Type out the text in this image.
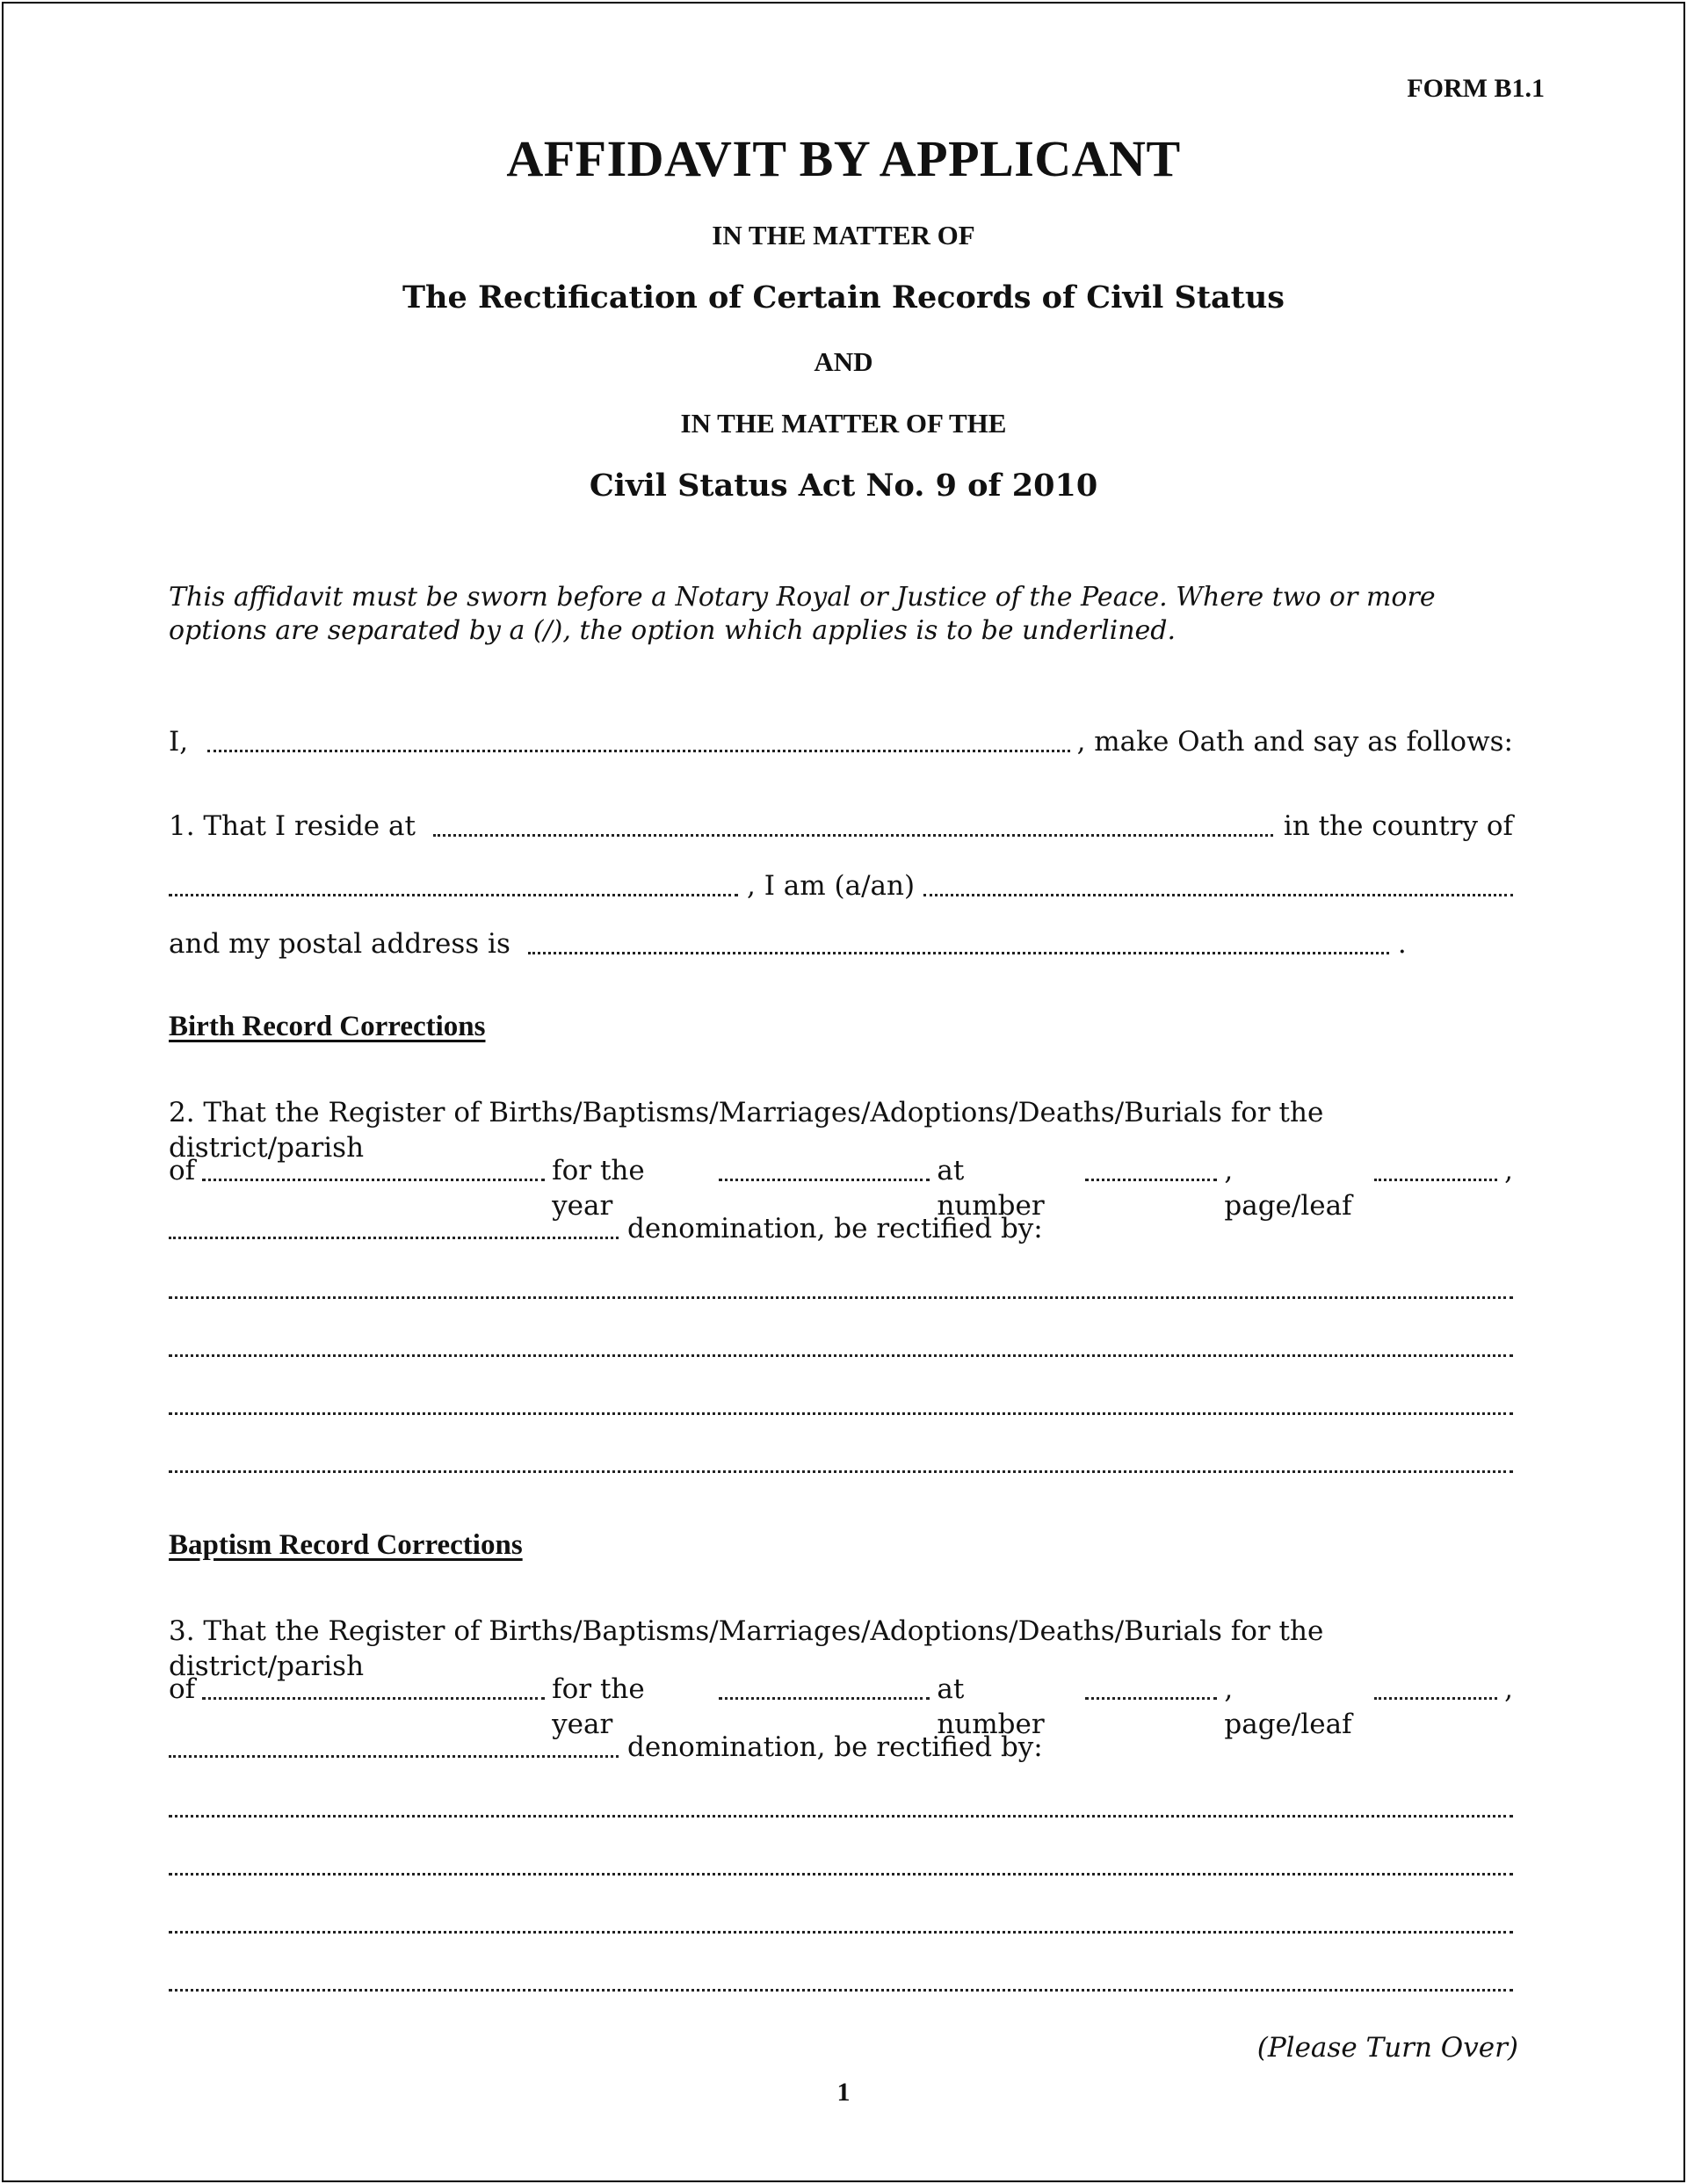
FORM B1.1
AFFIDAVIT BY APPLICANT
IN THE MATTER OF
The Rectification of Certain Records of Civil Status
AND
IN THE MATTER OF THE
Civil Status Act No. 9 of 2010
This affidavit must be sworn before a Notary Royal or Justice of the Peace. Where two or more options are separated by a (/), the option which applies is to be underlined.
I,	, make Oath and say as follows:
1. That I reside at	in the country of
, I am (a/an)
and my postal address is	.
Birth Record Corrections
2. That the Register of Births/Baptisms/Marriages/Adoptions/Deaths/Burials for the district/parish
of	for the year
at number
, page/leaf
,
denomination, be rectified by:
Baptism Record Corrections
3. That the Register of Births/Baptisms/Marriages/Adoptions/Deaths/Burials for the district/parish
of	for the year
at number
, page/leaf
,
denomination, be rectified by:
(Please Turn Over)
1
